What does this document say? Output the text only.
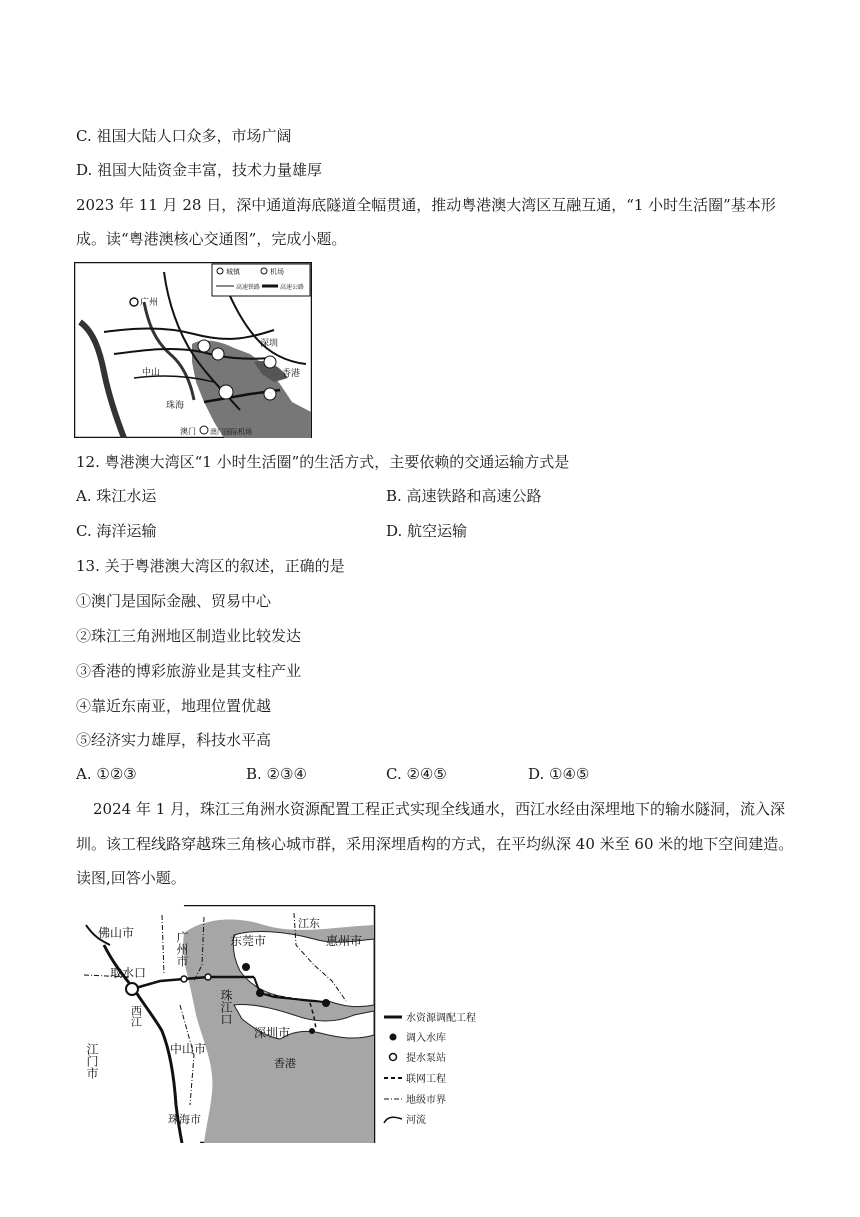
C. 祖国大陆人口众多，市场广阔
D. 祖国大陆资金丰富，技术力量雄厚
2023 年 11 月 28 日，深中通道海底隧道全幅贯通，推动粤港澳大湾区互融互通，“1 小时生活圈”基本形
成。读“粤港澳核心交通图”，完成小题。
城镇	机场
高速铁路	高速公路
广州
中山
珠海
深圳
香港
澳门 澳门国际机场
12. 粤港澳大湾区“1 小时生活圈”的生活方式，主要依赖的交通运输方式是
A. 珠江水运	B. 高速铁路和高速公路
C. 海洋运输	D. 航空运输
13. 关于粤港澳大湾区的叙述，正确的是
①澳门是国际金融、贸易中心
②珠江三角洲地区制造业比较发达
③香港的博彩旅游业是其支柱产业
④靠近东南亚，地理位置优越
⑤经济实力雄厚，科技水平高
A. ①②③	B. ②③④	C. ②④⑤	D. ①④⑤
2024 年 1 月，珠江三角洲水资源配置工程正式实现全线通水，西江水经由深埋地下的输水隧洞，流入深
圳。该工程线路穿越珠三角核心城市群，采用深埋盾构的方式，在平均纵深 40 米至 60 米的地下空间建造。
读图,回答小题。
佛山市	广州市	东莞市	惠州市
江东
取水口
江门市
西江
中山市
珠江口
深圳市
香港
珠海市
水资源调配工程
调入水库
提水泵站
联网工程
地级市界
河流
